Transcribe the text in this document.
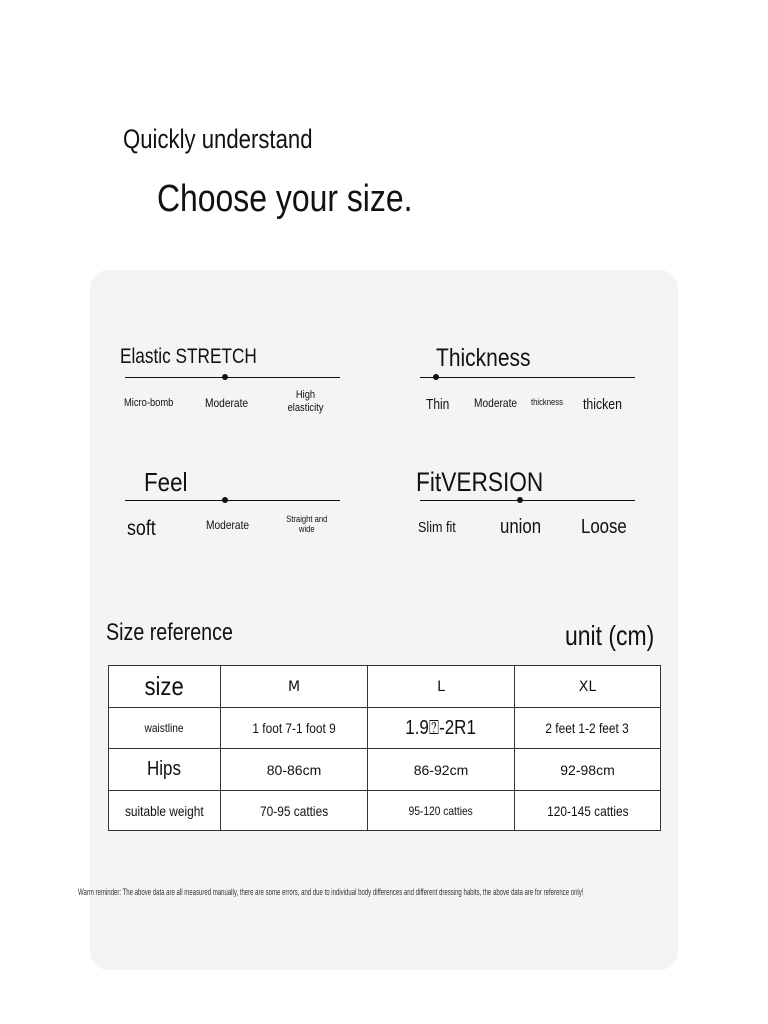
Quickly understand
Choose your size.
Elastic STRETCH
Micro-bomb	Moderate
High elasticity
Thickness
Thin Moderate thickness thicken
Feel
soft	Moderate	Straight and wide
FitVERSION
Slim fit union Loose
Size reference	unit (cm)
size	M	L	XL
waistline	1 foot 7-1 foot 9	1.9⍰-2R1	2 feet 1-2 feet 3
Hips	80-86cm	86-92cm	92-98cm
suitable weight	70-95 catties	95-120 catties	120-145 catties
Warm reminder: The above data are all measured manually, there are some errors, and due to individual body differences and different dressing habits, the above data are for reference only!
